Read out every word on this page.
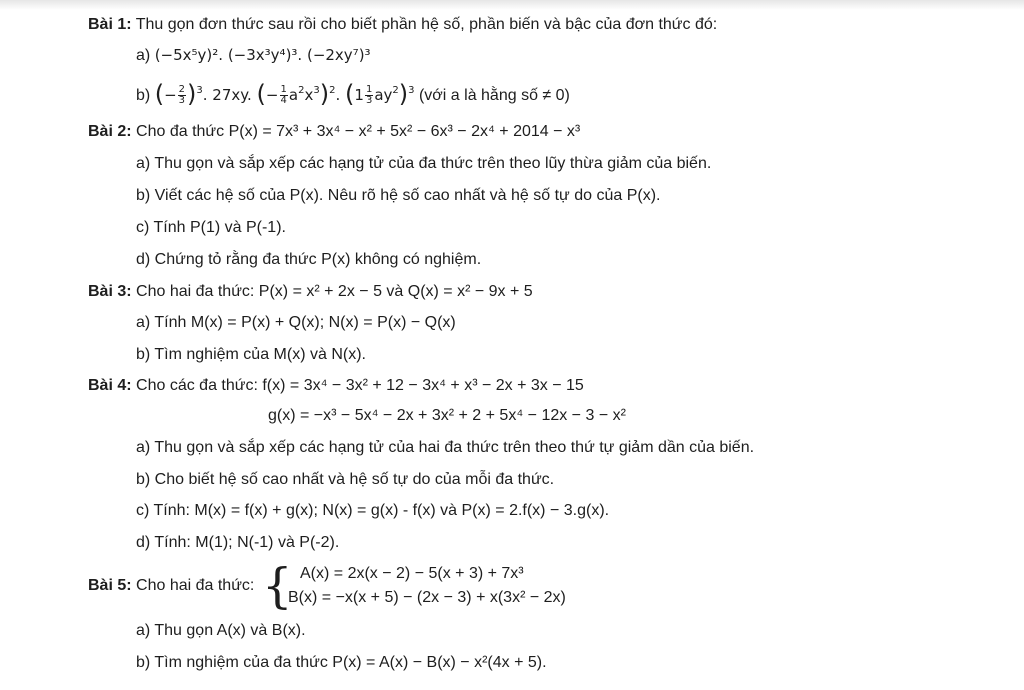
Bài 1: Thu gọn đơn thức sau rồi cho biết phần hệ số, phần biến và bậc của đơn thức đó:
a) (−5x⁵y)². (−3x³y⁴)³. (−2xy⁷)³
b) (− $\frac{2}{3} )^3$. 27xy. (− $\frac{1}{4} a^2x^3)^2$. $(1 \frac{1}{3} ay^2)^3$ (với a là hằng số ≠ 0)
Bài 2: Cho đa thức P(x) = 7x³ + 3x⁴ − x² + 5x² − 6x³ − 2x⁴ + 2014 − x³
a) Thu gọn và sắp xếp các hạng tử của đa thức trên theo lũy thừa giảm của biến.
b) Viết các hệ số của P(x). Nêu rõ hệ số cao nhất và hệ số tự do của P(x).
c) Tính P(1) và P(-1).
d) Chứng tỏ rằng đa thức P(x) không có nghiệm.
Bài 3: Cho hai đa thức: P(x) = x² + 2x − 5 và Q(x) = x² − 9x + 5
a) Tính M(x) = P(x) + Q(x); N(x) = P(x) − Q(x)
b) Tìm nghiệm của M(x) và N(x).
Bài 4: Cho các đa thức: f(x) = 3x⁴ − 3x² + 12 − 3x⁴ + x³ − 2x + 3x − 15
g(x) = −x³ − 5x⁴ − 2x + 3x² + 2 + 5x⁴ − 12x − 3 − x²
a) Thu gọn và sắp xếp các hạng tử của hai đa thức trên theo thứ tự giảm dần của biến.
b) Cho biết hệ số cao nhất và hệ số tự do của mỗi đa thức.
c) Tính: M(x) = f(x) + g(x); N(x) = g(x) - f(x) và P(x) = 2.f(x) − 3.g(x).
d) Tính: M(1); N(-1) và P(-2).
Bài 5: Cho hai đa thức: { A(x) = 2x(x − 2) − 5(x + 3) + 7x³
B(x) = −x(x + 5) − (2x − 3) + x(3x² − 2x)
a) Thu gọn A(x) và B(x).
b) Tìm nghiệm của đa thức P(x) = A(x) − B(x) − x²(4x + 5).
